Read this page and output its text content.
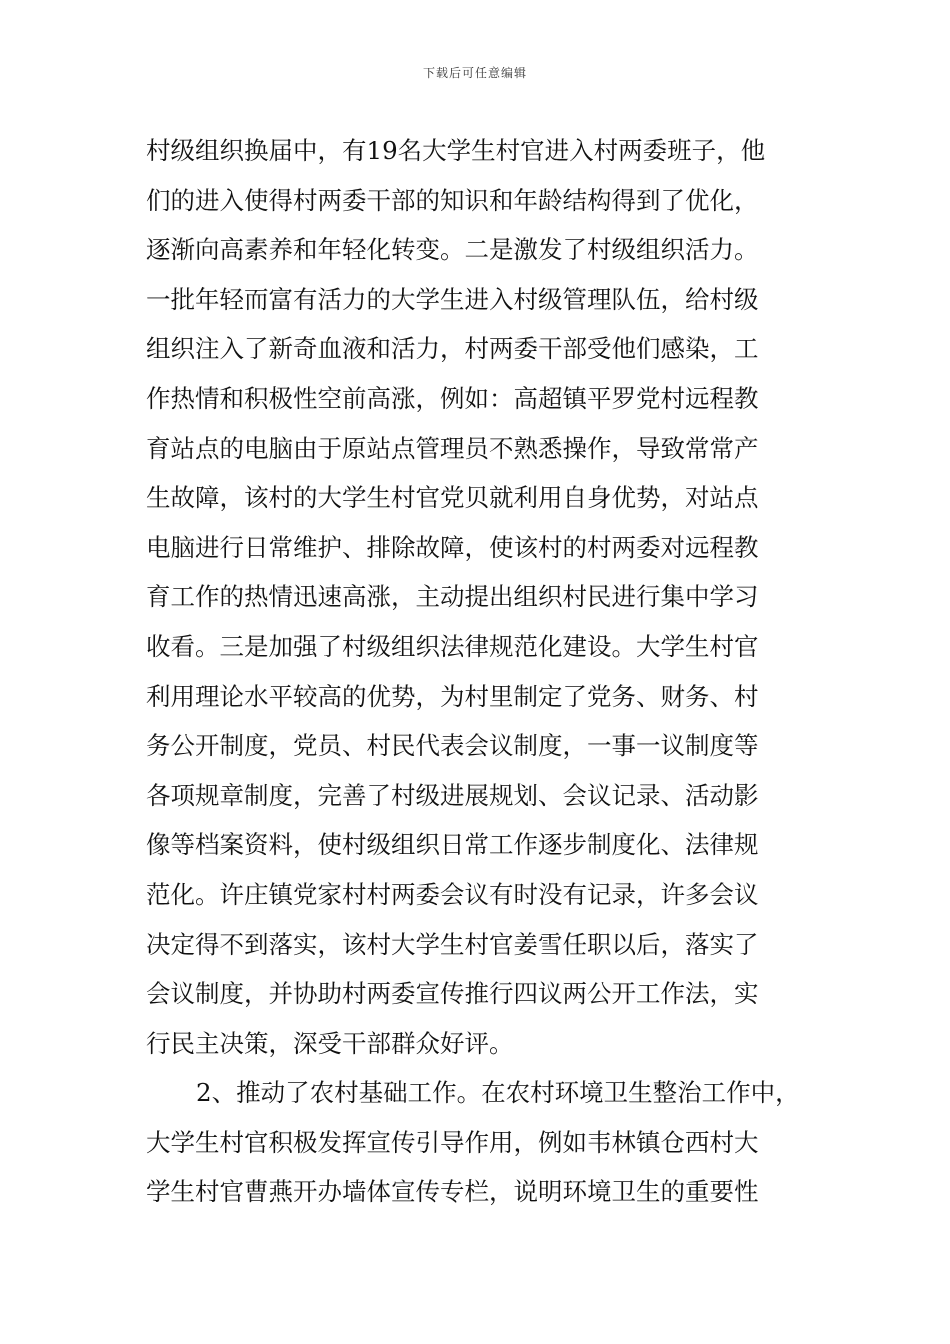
下载后可任意编辑
村级组织换届中，有19名大学生村官进入村两委班子，他
们的进入使得村两委干部的知识和年龄结构得到了优化，
逐渐向高素养和年轻化转变。二是激发了村级组织活力。
一批年轻而富有活力的大学生进入村级管理队伍，给村级
组织注入了新奇血液和活力，村两委干部受他们感染，工
作热情和积极性空前高涨，例如：高超镇平罗党村远程教
育站点的电脑由于原站点管理员不熟悉操作，导致常常产
生故障，该村的大学生村官党贝就利用自身优势，对站点
电脑进行日常维护、排除故障，使该村的村两委对远程教
育工作的热情迅速高涨，主动提出组织村民进行集中学习
收看。三是加强了村级组织法律规范化建设。大学生村官
利用理论水平较高的优势，为村里制定了党务、财务、村
务公开制度，党员、村民代表会议制度，一事一议制度等
各项规章制度，完善了村级进展规划、会议记录、活动影
像等档案资料，使村级组织日常工作逐步制度化、法律规
范化。许庄镇党家村村两委会议有时没有记录，许多会议
决定得不到落实，该村大学生村官姜雪任职以后，落实了
会议制度，并协助村两委宣传推行四议两公开工作法，实
行民主决策，深受干部群众好评。
2、推动了农村基础工作。在农村环境卫生整治工作中，
大学生村官积极发挥宣传引导作用，例如韦林镇仓西村大
学生村官曹燕开办墙体宣传专栏，说明环境卫生的重要性
